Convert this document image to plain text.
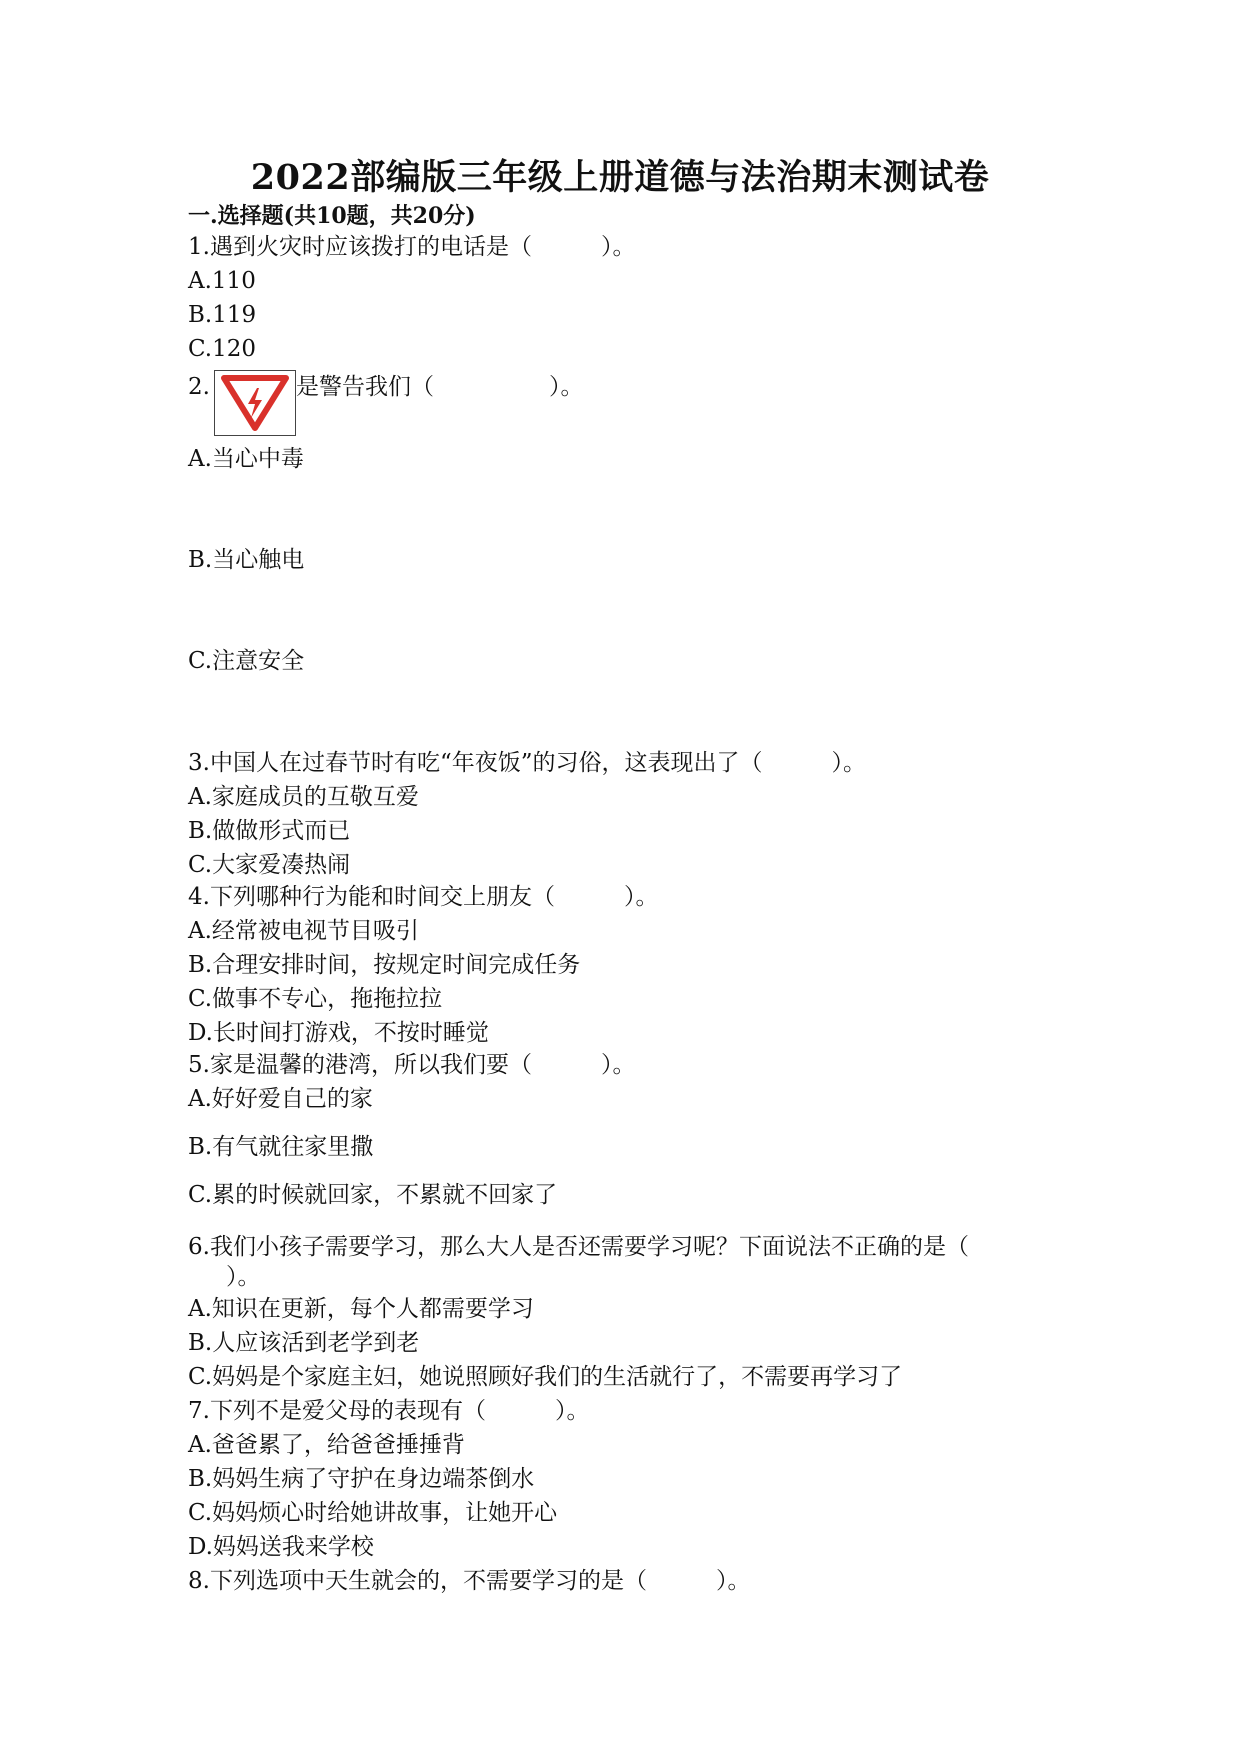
2022部编版三年级上册道德与法治期末测试卷
一.选择题(共10题，共20分)
1.遇到火灾时应该拨打的电话是（　　　）。
A.110
B.119
C.120
2.	是警告我们（　　　　　）。
A.当心中毒
B.当心触电
C.注意安全
3.中国人在过春节时有吃“年夜饭”的习俗，这表现出了（　　　）。
A.家庭成员的互敬互爱
B.做做形式而已
C.大家爱凑热闹
4.下列哪种行为能和时间交上朋友（　　　）。
A.经常被电视节目吸引
B.合理安排时间，按规定时间完成任务
C.做事不专心，拖拖拉拉
D.长时间打游戏，不按时睡觉
5.家是温馨的港湾，所以我们要（　　　）。
A.好好爱自己的家
B.有气就往家里撒
C.累的时候就回家，不累就不回家了
6.我们小孩子需要学习，那么大人是否还需要学习呢？下面说法不正确的是（
）。
A.知识在更新，每个人都需要学习
B.人应该活到老学到老
C.妈妈是个家庭主妇，她说照顾好我们的生活就行了，不需要再学习了
7.下列不是爱父母的表现有（　　　）。
A.爸爸累了，给爸爸捶捶背
B.妈妈生病了守护在身边端茶倒水
C.妈妈烦心时给她讲故事，让她开心
D.妈妈送我来学校
8.下列选项中天生就会的，不需要学习的是（　　　）。
